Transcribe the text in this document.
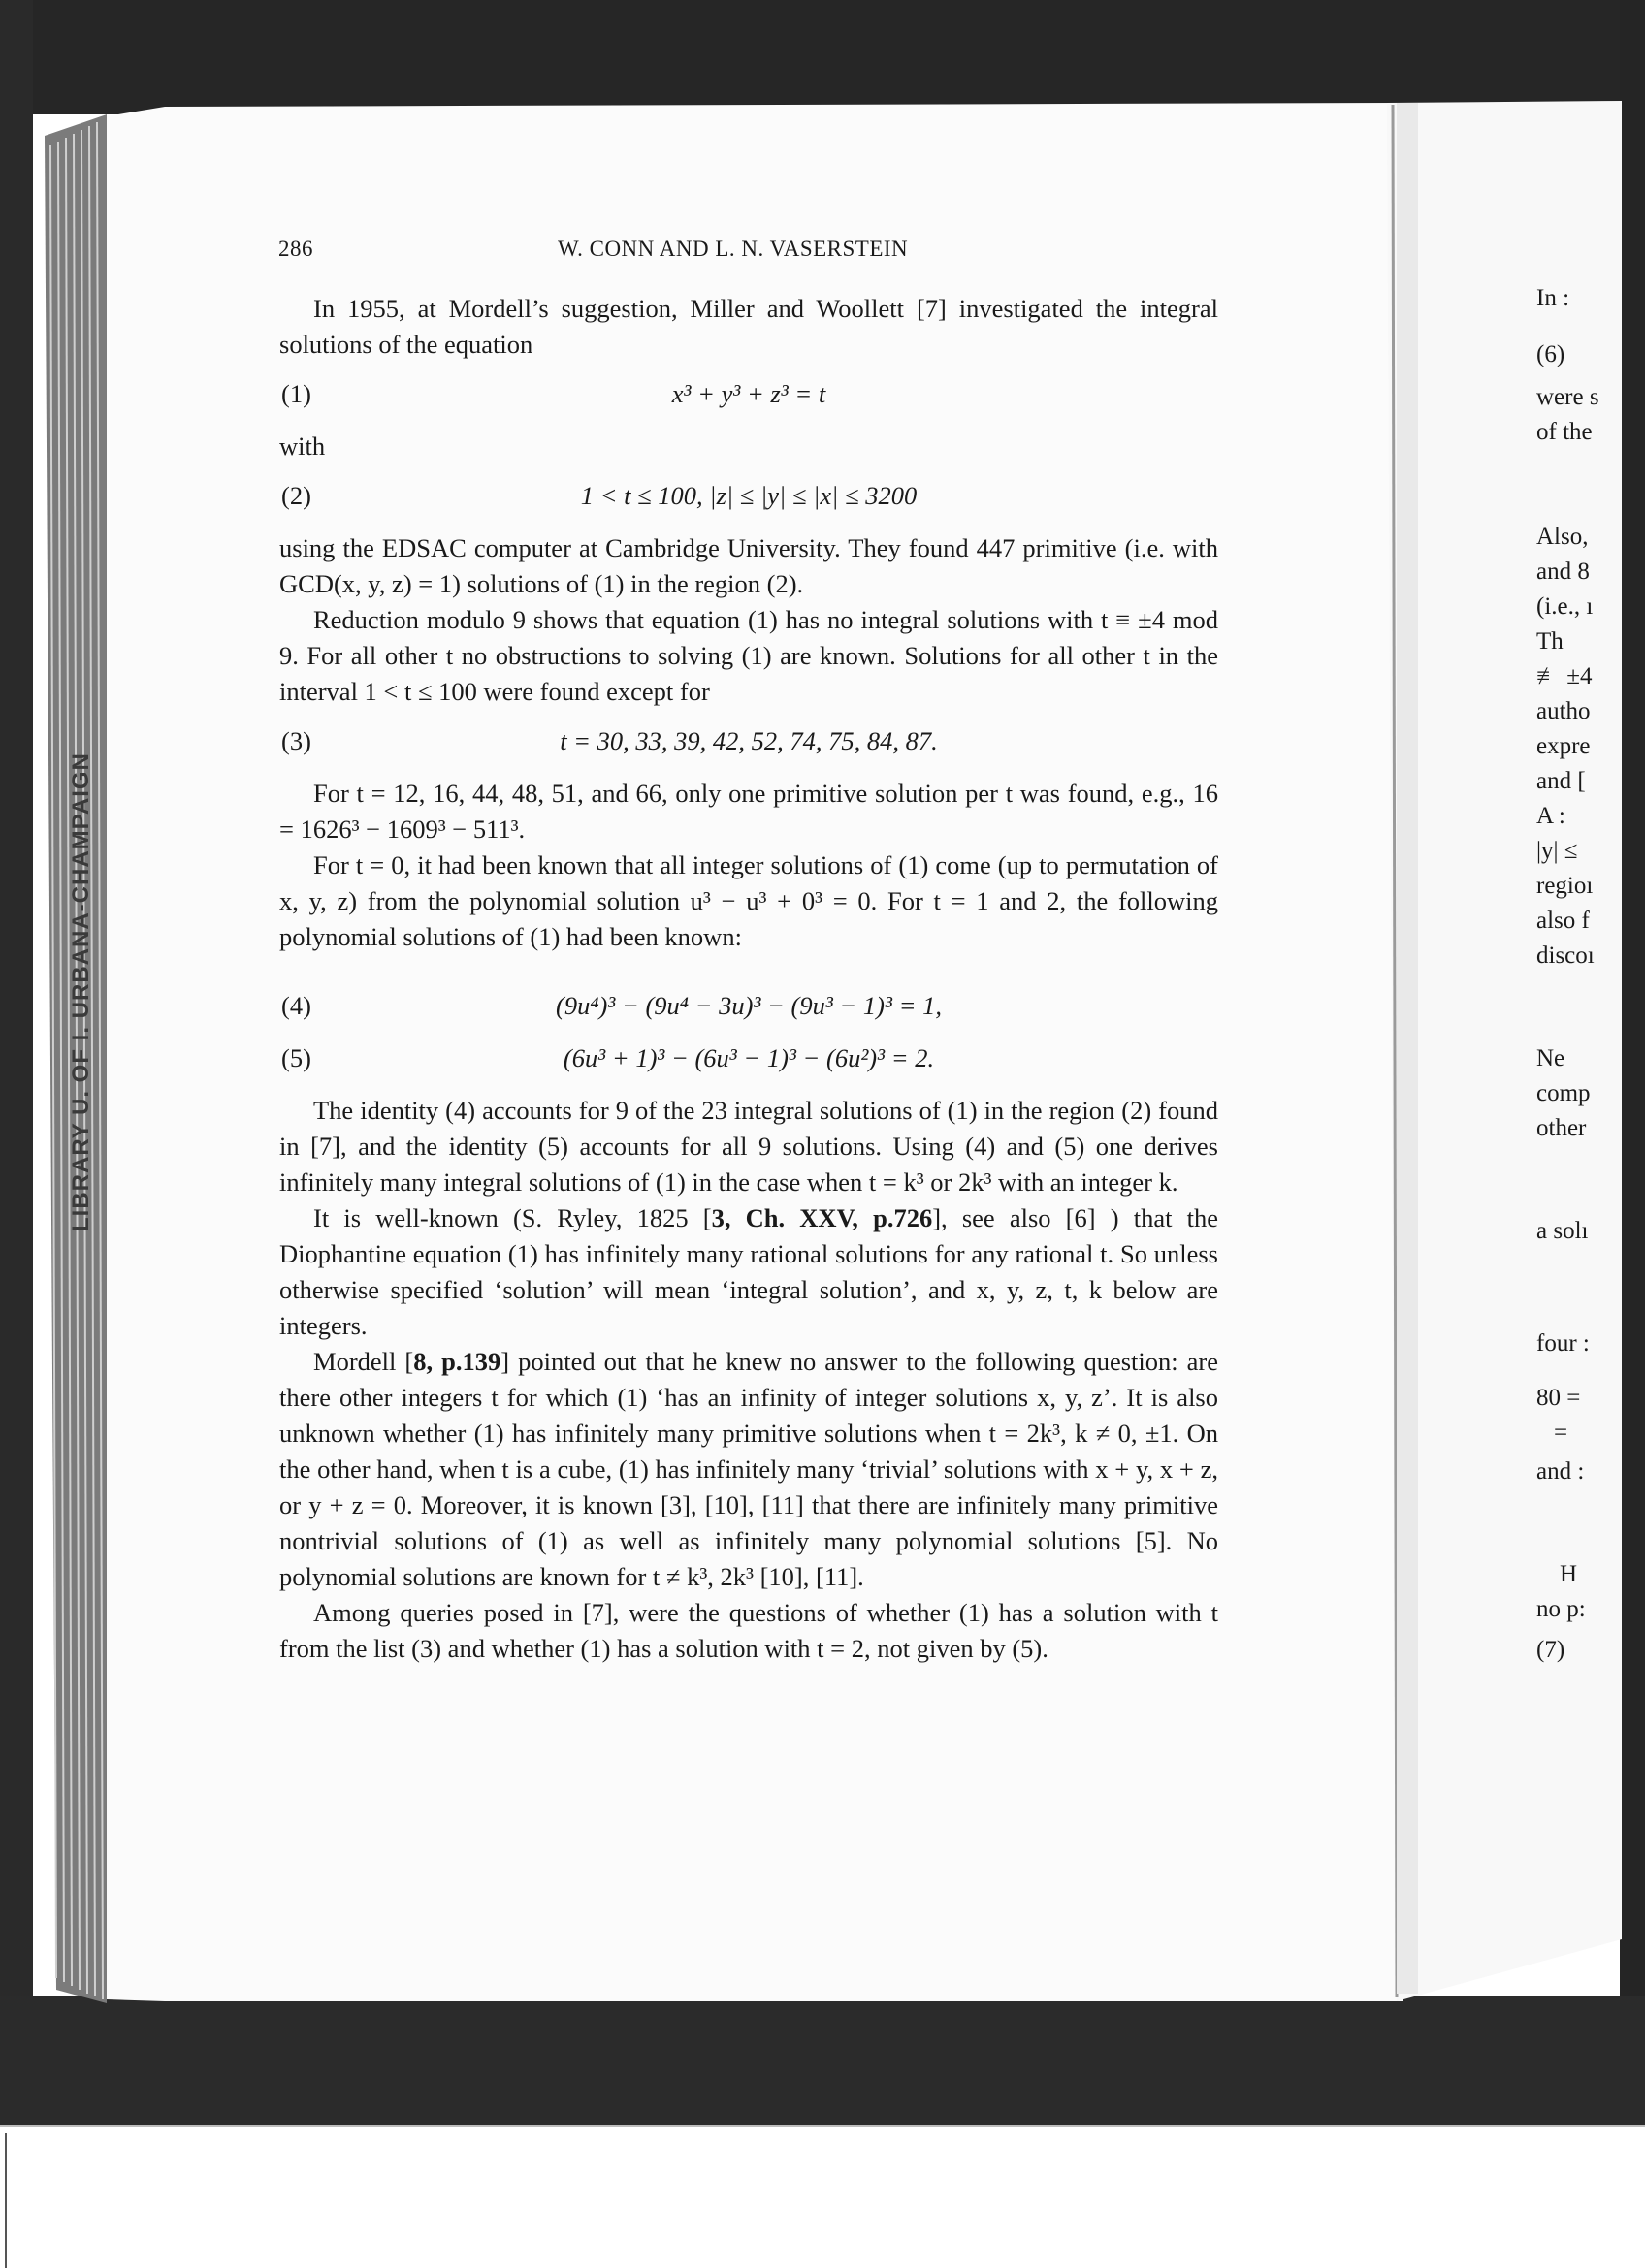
LIBRARY U. OF I. URBANA-CHAMPAIGN
286	W. CONN AND L. N. VASERSTEIN

In 1955, at Mordell’s suggestion, Miller and Woollett [7] investigated the integral solutions of the equation

(1)	x³ + y³ + z³ = t

with

(2)	1 < t ≤ 100, |z| ≤ |y| ≤ |x| ≤ 3200

using the EDSAC computer at Cambridge University. They found 447 primitive (i.e. with GCD(x, y, z) = 1) solutions of (1) in the region (2).

Reduction modulo 9 shows that equation (1) has no integral solutions with t ≡ ±4 mod 9. For all other t no obstructions to solving (1) are known. Solutions for all other t in the interval 1 < t ≤ 100 were found except for

(3)	t = 30, 33, 39, 42, 52, 74, 75, 84, 87.

For t = 12, 16, 44, 48, 51, and 66, only one primitive solution per t was found, e.g., 16 = 1626³ − 1609³ − 511³.

For t = 0, it had been known that all integer solutions of (1) come (up to permutation of x, y, z) from the polynomial solution u³ − u³ + 0³ = 0. For t = 1 and 2, the following polynomial solutions of (1) had been known:

(4)	(9u⁴)³ − (9u⁴ − 3u)³ − (9u³ − 1)³ = 1,
(5)	(6u³ + 1)³ − (6u³ − 1)³ − (6u²)³ = 2.

The identity (4) accounts for 9 of the 23 integral solutions of (1) in the region (2) found in [7], and the identity (5) accounts for all 9 solutions. Using (4) and (5) one derives infinitely many integral solutions of (1) in the case when t = k³ or 2k³ with an integer k.

It is well-known (S. Ryley, 1825 [3, Ch. XXV, p.726], see also [6] ) that the Diophantine equation (1) has infinitely many rational solutions for any rational t. So unless otherwise specified ‘solution’ will mean ‘integral solution’, and x, y, z, t, k below are integers.

Mordell [8, p.139] pointed out that he knew no answer to the following question: are there other integers t for which (1) ‘has an infinity of integer solutions x, y, z’. It is also unknown whether (1) has infinitely many primitive solutions when t = 2k³, k ≠ 0, ±1. On the other hand, when t is a cube, (1) has infinitely many ‘trivial’ solutions with x + y, x + z, or y + z = 0. Moreover, it is known [3], [10], [11] that there are infinitely many primitive nontrivial solutions of (1) as well as infinitely many polynomial solutions [5]. No polynomial solutions are known for t ≠ k³, 2k³ [10], [11].

Among queries posed in [7], were the questions of whether (1) has a solution with t from the list (3) and whether (1) has a solution with t = 2, not given by (5).

In :
(6)
were s
of the
Also,
and 8
(i.e., ı
Th
≢ ±4
autho
expre
and [
A :
|y| ≤
regioı
also f
discoı
Ne
comp
other
a solı
four :
80 =
=
and :
H
no p:
(7)
